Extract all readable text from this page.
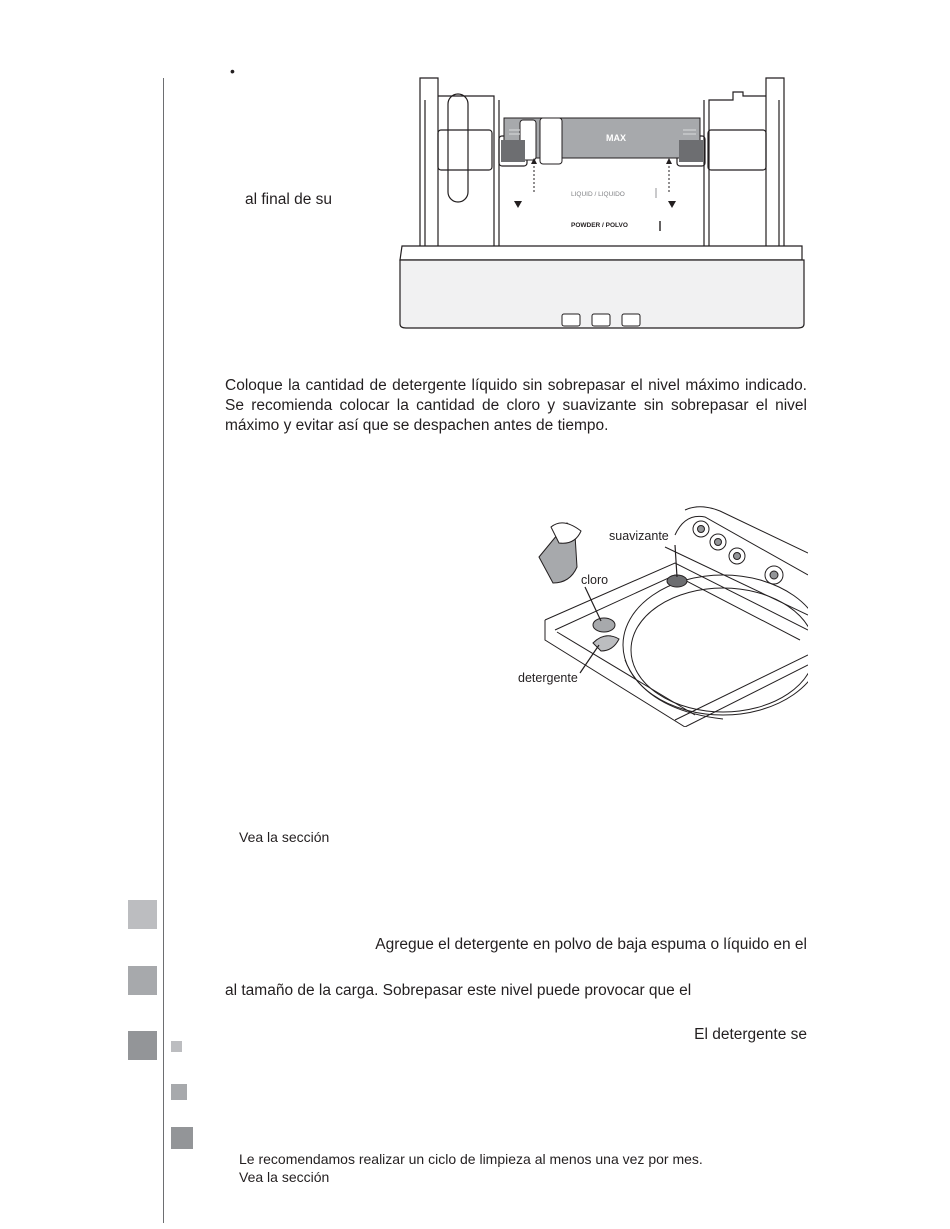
•
al final de su
MAX
LIQUID / LIQUIDO
POWDER / POLVO

Coloque la cantidad de detergente líquido sin sobrepasar el nivel máximo indicado. Se recomienda colocar la cantidad de cloro y suavizante sin sobrepasar el nivel máximo y evitar así que se despachen antes de tiempo.

suavizante
cloro
detergente
Vea la sección
Agregue el detergente en polvo de baja espuma o líquido en el
al tamaño de la carga. Sobrepasar este nivel puede provocar que el
El detergente se
Le recomendamos realizar un ciclo de limpieza al menos una vez por mes.
Vea la sección
